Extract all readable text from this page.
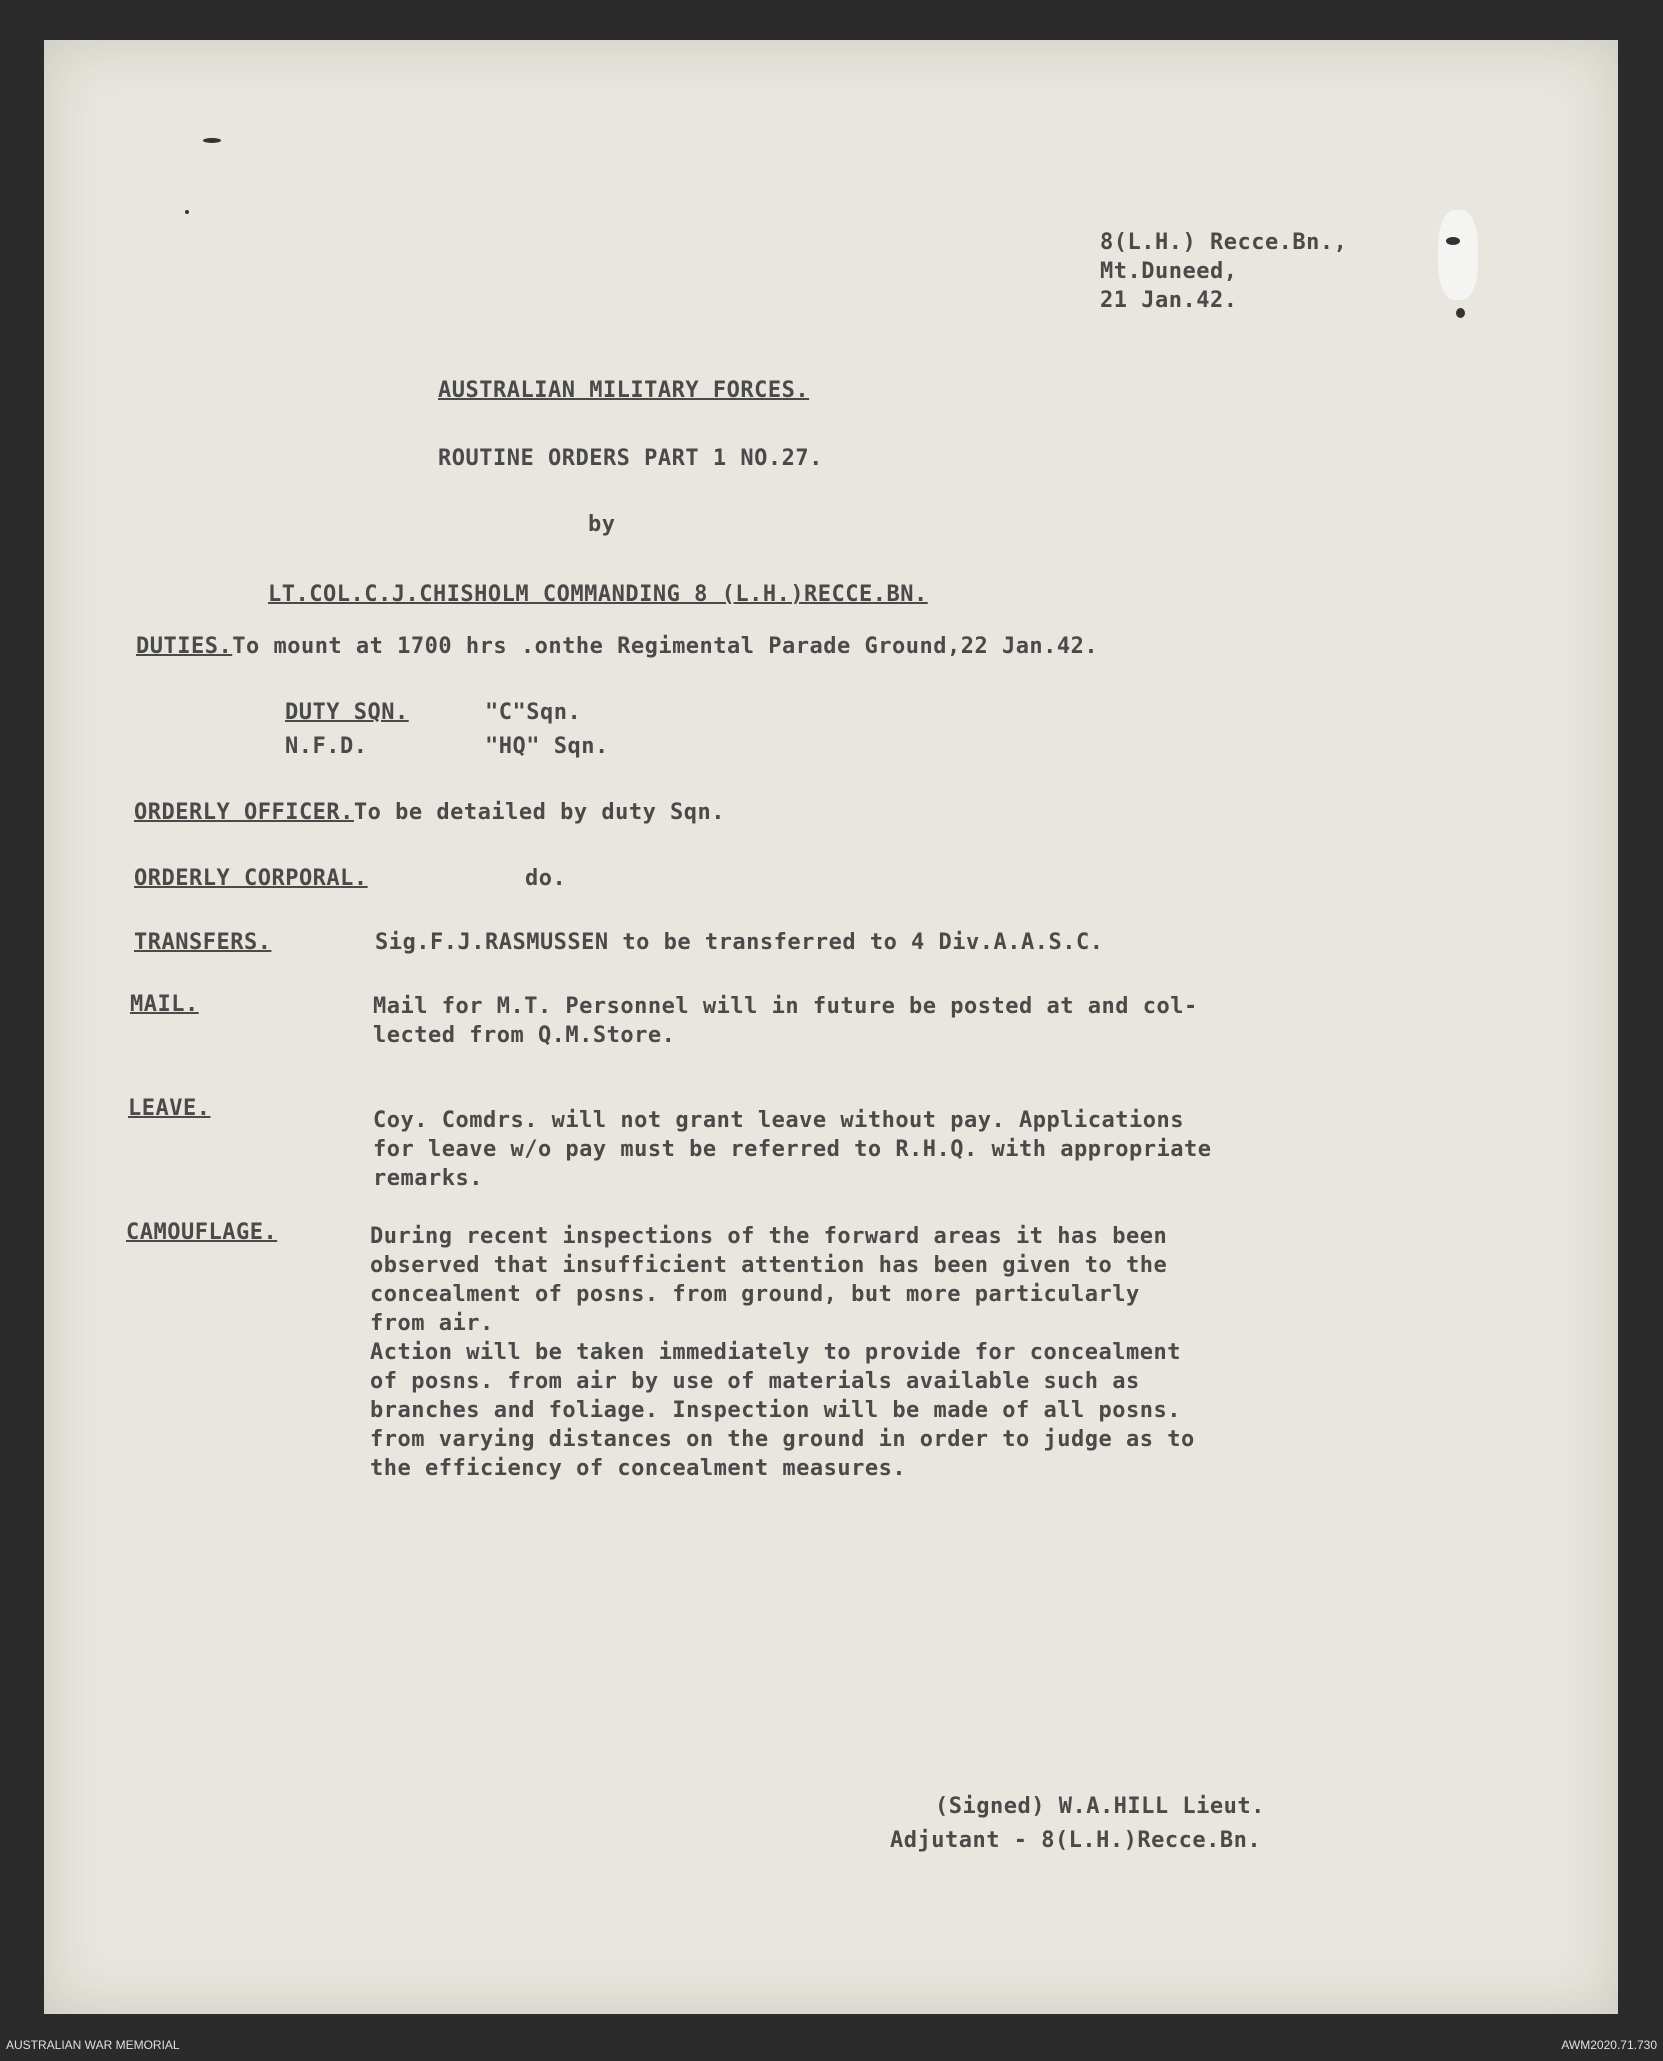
8(L.H.) Recce.Bn.,
Mt.Duneed,
21 Jan.42.
AUSTRALIAN MILITARY FORCES.
ROUTINE ORDERS PART 1 NO.27.
by
LT.COL.C.J.CHISHOLM COMMANDING 8 (L.H.)RECCE.BN.
DUTIES.To mount at 1700 hrs .onthe Regimental Parade Ground,22 Jan.42.
DUTY SQN.	"C"Sqn.
N.F.D.	"HQ" Sqn.
ORDERLY OFFICER.To be detailed by duty Sqn.
ORDERLY CORPORAL.	do.
TRANSFERS.	Sig.F.J.RASMUSSEN to be transferred to 4 Div.A.A.S.C.
MAIL.	Mail for M.T. Personnel will in future be posted at and col-
lected from Q.M.Store.
LEAVE.	Coy. Comdrs. will not grant leave without pay. Applications
for leave w/o pay must be referred to R.H.Q. with appropriate
remarks.
CAMOUFLAGE.	During recent inspections of the forward areas it has been
observed that insufficient attention has been given to the
concealment of posns. from ground, but more particularly
from air.
Action will be taken immediately to provide for concealment
of posns. from air by use of materials available such as
branches and foliage. Inspection will be made of all posns.
from varying distances on the ground in order to judge as to
the efficiency of concealment measures.
(Signed) W.A.HILL Lieut.
Adjutant - 8(L.H.)Recce.Bn.
AUSTRALIAN WAR MEMORIAL	AWM2020.71.730
